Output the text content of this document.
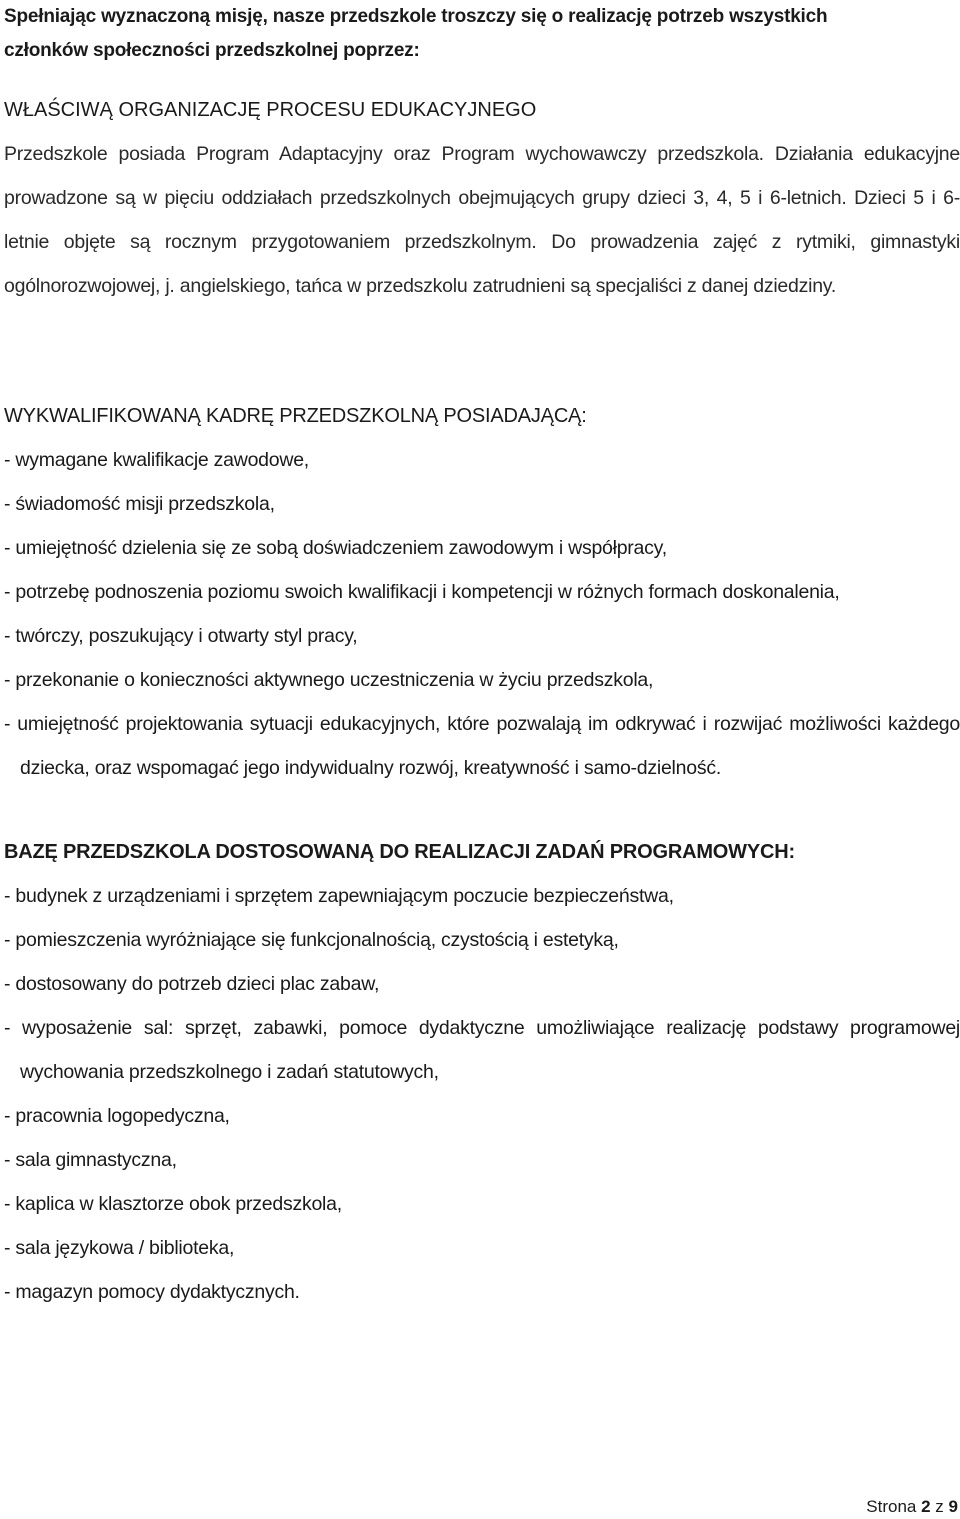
Spełniając wyznaczoną misję, nasze przedszkole troszczy się o realizację potrzeb wszystkich
członków społeczności przedszkolnej poprzez:
WŁAŚCIWĄ ORGANIZACJĘ PROCESU EDUKACYJNEGO
Przedszkole posiada Program Adaptacyjny oraz Program wychowawczy przedszkola. Działania edukacyjne prowadzone są w pięciu oddziałach przedszkolnych obejmujących grupy dzieci 3, 4, 5 i 6-letnich. Dzieci 5 i 6-letnie objęte są rocznym przygotowaniem przedszkolnym. Do prowadzenia zajęć z rytmiki, gimnastyki ogólnorozwojowej, j. angielskiego, tańca w przedszkolu zatrudnieni są specjaliści z danej dziedziny.
WYKWALIFIKOWANĄ KADRĘ PRZEDSZKOLNĄ POSIADAJĄCĄ:
- wymagane kwalifikacje zawodowe,
- świadomość misji przedszkola,
- umiejętność dzielenia się ze sobą doświadczeniem zawodowym i współpracy,
- potrzebę podnoszenia poziomu swoich kwalifikacji i kompetencji w różnych formach doskonalenia,
- twórczy, poszukujący i otwarty styl pracy,
- przekonanie o konieczności aktywnego uczestniczenia w życiu przedszkola,
- umiejętność projektowania sytuacji edukacyjnych, które pozwalają im odkrywać i rozwijać możliwości każdego dziecka, oraz wspomagać jego indywidualny rozwój, kreatywność i samo-dzielność.
BAZĘ PRZEDSZKOLA DOSTOSOWANĄ DO REALIZACJI ZADAŃ PROGRAMOWYCH:
- budynek z urządzeniami i sprzętem zapewniającym poczucie bezpieczeństwa,
- pomieszczenia wyróżniające się funkcjonalnością, czystością i estetyką,
- dostosowany do potrzeb dzieci plac zabaw,
- wyposażenie sal: sprzęt, zabawki, pomoce dydaktyczne umożliwiające realizację podstawy programowej wychowania przedszkolnego i zadań statutowych,
- pracownia logopedyczna,
- sala gimnastyczna,
- kaplica w klasztorze obok przedszkola,
- sala językowa / biblioteka,
- magazyn pomocy dydaktycznych.
Strona 2 z 9
